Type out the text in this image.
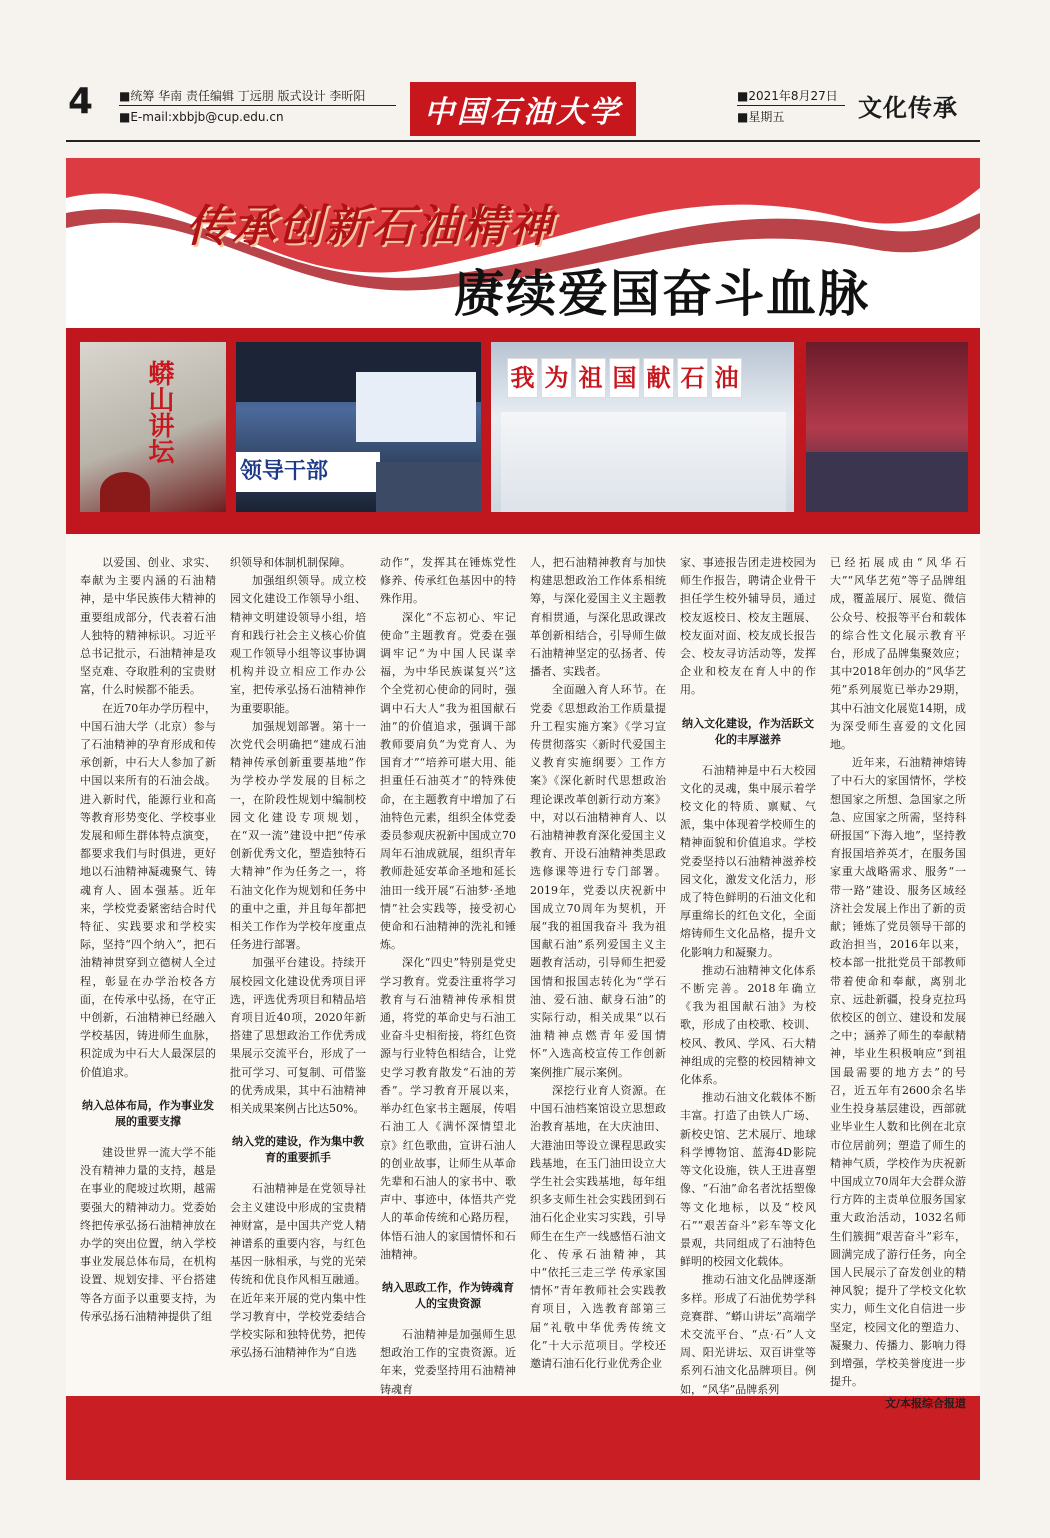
4 ■统筹 华南 责任编辑 丁远朋 版式设计 李昕阳
■E-mail:xbbjb@cup.edu.cn	中国石油大学	■2021年8月27日
■星期五	文化传承
传承创新石油精神
赓续爱国奋斗血脉
蟒山讲坛
领导干部
我 为 祖 国 献 石 油

以爱国、创业、求实、奉献为主要内涵的石油精神，是中华民族伟大精神的重要组成部分，代表着石油人独特的精神标识。习近平总书记批示，石油精神是攻坚克难、夺取胜利的宝贵财富，什么时候都不能丢。

在近70年办学历程中，中国石油大学（北京）参与了石油精神的孕育形成和传承创新，中石大人参加了新中国以来所有的石油会战。进入新时代，能源行业和高等教育形势变化、学校事业发展和师生群体特点演变，都要求我们与时俱进，更好地以石油精神凝魂聚气、铸魂育人、固本强基。近年来，学校党委紧密结合时代特征、实践要求和学校实际，坚持“四个纳入”，把石油精神贯穿到立德树人全过程，彰显在办学治校各方面，在传承中弘扬，在守正中创新，石油精神已经融入学校基因，铸进师生血脉，积淀成为中石大人最深层的价值追求。

纳入总体布局，作为事业发展的重要支撑

建设世界一流大学不能没有精神力量的支持，越是在事业的爬坡过坎期，越需要强大的精神动力。党委始终把传承弘扬石油精神放在办学的突出位置，纳入学校事业发展总体布局，在机构设置、规划安排、平台搭建等各方面予以重要支持，为传承弘扬石油精神提供了组

织领导和体制机制保障。

加强组织领导。成立校园文化建设工作领导小组、精神文明建设领导小组，培育和践行社会主义核心价值观工作领导小组等议事协调机构并设立相应工作办公室，把传承弘扬石油精神作为重要职能。

加强规划部署。第十一次党代会明确把“建成石油精神传承创新重要基地”作为学校办学发展的目标之一，在阶段性规划中编制校园文化建设专项规划，在“双一流”建设中把“传承创新优秀文化，塑造独特石大精神”作为任务之一，将石油文化作为规划和任务中的重中之重，并且每年都把相关工作作为学校年度重点任务进行部署。

加强平台建设。持续开展校园文化建设优秀项目评选，评选优秀项目和精品培育项目近40项，2020年新搭建了思想政治工作优秀成果展示交流平台，形成了一批可学习、可复制、可借鉴的优秀成果，其中石油精神相关成果案例占比达50%。

纳入党的建设，作为集中教育的重要抓手

石油精神是在党领导社会主义建设中形成的宝贵精神财富，是中国共产党人精神谱系的重要内容，与红色基因一脉相承，与党的光荣传统和优良作风相互融通。在近年来开展的党内集中性学习教育中，学校党委结合学校实际和独特优势，把传承弘扬石油精神作为“自选

动作”，发挥其在锤炼党性修养、传承红色基因中的特殊作用。

深化“不忘初心、牢记使命”主题教育。党委在强调牢记“为中国人民谋幸福，为中华民族谋复兴”这个全党初心使命的同时，强调中石大人“我为祖国献石油”的价值追求，强调干部教师要肩负“为党育人、为国育才”“培养可堪大用、能担重任石油英才”的特殊使命，在主题教育中增加了石油特色元素，组织全体党委委员参观庆祝新中国成立70周年石油成就展，组织青年教师赴延安革命圣地和延长油田一线开展“石油梦·圣地情”社会实践等，接受初心使命和石油精神的洗礼和锤炼。

深化“四史”特别是党史学习教育。党委注重将学习教育与石油精神传承相贯通，将党的革命史与石油工业奋斗史相衔接，将红色资源与行业特色相结合，让党史学习教育散发“石油的芳香”。学习教育开展以来，举办红色家书主题展，传唱石油工人《满怀深情望北京》红色歌曲，宣讲石油人的创业故事，让师生从革命先辈和石油人的家书中、歌声中、事迹中，体悟共产党人的革命传统和心路历程，体悟石油人的家国情怀和石油精神。

纳入思政工作，作为铸魂育人的宝贵资源

石油精神是加强师生思想政治工作的宝贵资源。近年来，党委坚持用石油精神铸魂育

人，把石油精神教育与加快构建思想政治工作体系相统筹，与深化爱国主义主题教育相贯通，与深化思政课改革创新相结合，引导师生做石油精神坚定的弘扬者、传播者、实践者。

全面融入育人环节。在党委《思想政治工作质量提升工程实施方案》《学习宣传贯彻落实〈新时代爱国主义教育实施纲要〉工作方案》《深化新时代思想政治理论课改革创新行动方案》中，对以石油精神育人、以石油精神教育深化爱国主义教育、开设石油精神类思政选修课等进行专门部署。2019年，党委以庆祝新中国成立70周年为契机，开展“我的祖国我奋斗 我为祖国献石油”系列爱国主义主题教育活动，引导师生把爱国情和报国志转化为“学石油、爱石油、献身石油”的实际行动，相关成果“以石油精神点燃青年爱国情怀”入选高校宣传工作创新案例推广展示案例。

深挖行业育人资源。在中国石油档案馆设立思想政治教育基地，在大庆油田、大港油田等设立课程思政实践基地，在玉门油田设立大学生社会实践基地，每年组织多支师生社会实践团到石油石化企业实习实践，引导师生在生产一线感悟石油文化、传承石油精神，其中“依托三走三学 传承家国情怀”青年教师社会实践教育项目，入选教育部第三届“礼敬中华优秀传统文化”十大示范项目。学校还邀请石油石化行业优秀企业

家、事迹报告团走进校园为师生作报告，聘请企业骨干担任学生校外辅导员，通过校友返校日、校友主题展、校友面对面、校友成长报告会、校友寻访活动等，发挥企业和校友在育人中的作用。

纳入文化建设，作为活跃文化的丰厚滋养

石油精神是中石大校园文化的灵魂，集中展示着学校文化的特质、禀赋、气派，集中体现着学校师生的精神面貌和价值追求。学校党委坚持以石油精神滋养校园文化，激发文化活力，形成了特色鲜明的石油文化和厚重绵长的红色文化，全面熔铸师生文化品格，提升文化影响力和凝聚力。

推动石油精神文化体系不断完善。2018年确立《我为祖国献石油》为校歌，形成了由校歌、校训、校风、教风、学风、石大精神组成的完整的校园精神文化体系。

推动石油文化载体不断丰富。打造了由铁人广场、新校史馆、艺术展厅、地球科学博物馆、蓝海4D影院等文化设施，铁人王进喜塑像、“石油”命名者沈括塑像等文化地标，以及“校风石”“艰苦奋斗”彩车等文化景观，共同组成了石油特色鲜明的校园文化载体。

推动石油文化品牌逐渐多样。形成了石油优势学科竞赛群、“蟒山讲坛”高端学术交流平台、“点·石”人文周、阳光讲坛、双百讲堂等系列石油文化品牌项目。例如，“风华”品牌系列

已经拓展成由“风华石大”“风华艺苑”等子品牌组成，覆盖展厅、展览、微信公众号、校报等平台和载体的综合性文化展示教育平台，形成了品牌集聚效应；其中2018年创办的“风华艺苑”系列展览已举办29期，其中石油文化展览14期，成为深受师生喜爱的文化园地。

近年来，石油精神熔铸了中石大的家国情怀，学校想国家之所想、急国家之所急、应国家之所需，坚持科研报国“下海入地”，坚持教育报国培养英才，在服务国家重大战略需求、服务“一带一路”建设、服务区域经济社会发展上作出了新的贡献；锤炼了党员领导干部的政治担当，2016年以来，校本部一批批党员干部教师带着使命和奉献，离别北京、远赴新疆，投身克拉玛依校区的创立、建设和发展之中；涵养了师生的奉献精神，毕业生积极响应“到祖国最需要的地方去”的号召，近五年有2600余名毕业生投身基层建设，西部就业毕业生人数和比例在北京市位居前列；塑造了师生的精神气质，学校作为庆祝新中国成立70周年大会群众游行方阵的主责单位服务国家重大政治活动，1032名师生们簇拥“艰苦奋斗”彩车，圆满完成了游行任务，向全国人民展示了奋发创业的精神风貌；提升了学校文化软实力，师生文化自信进一步坚定，校园文化的塑造力、凝聚力、传播力、影响力得到增强，学校美誉度进一步提升。

文/本报综合报道
